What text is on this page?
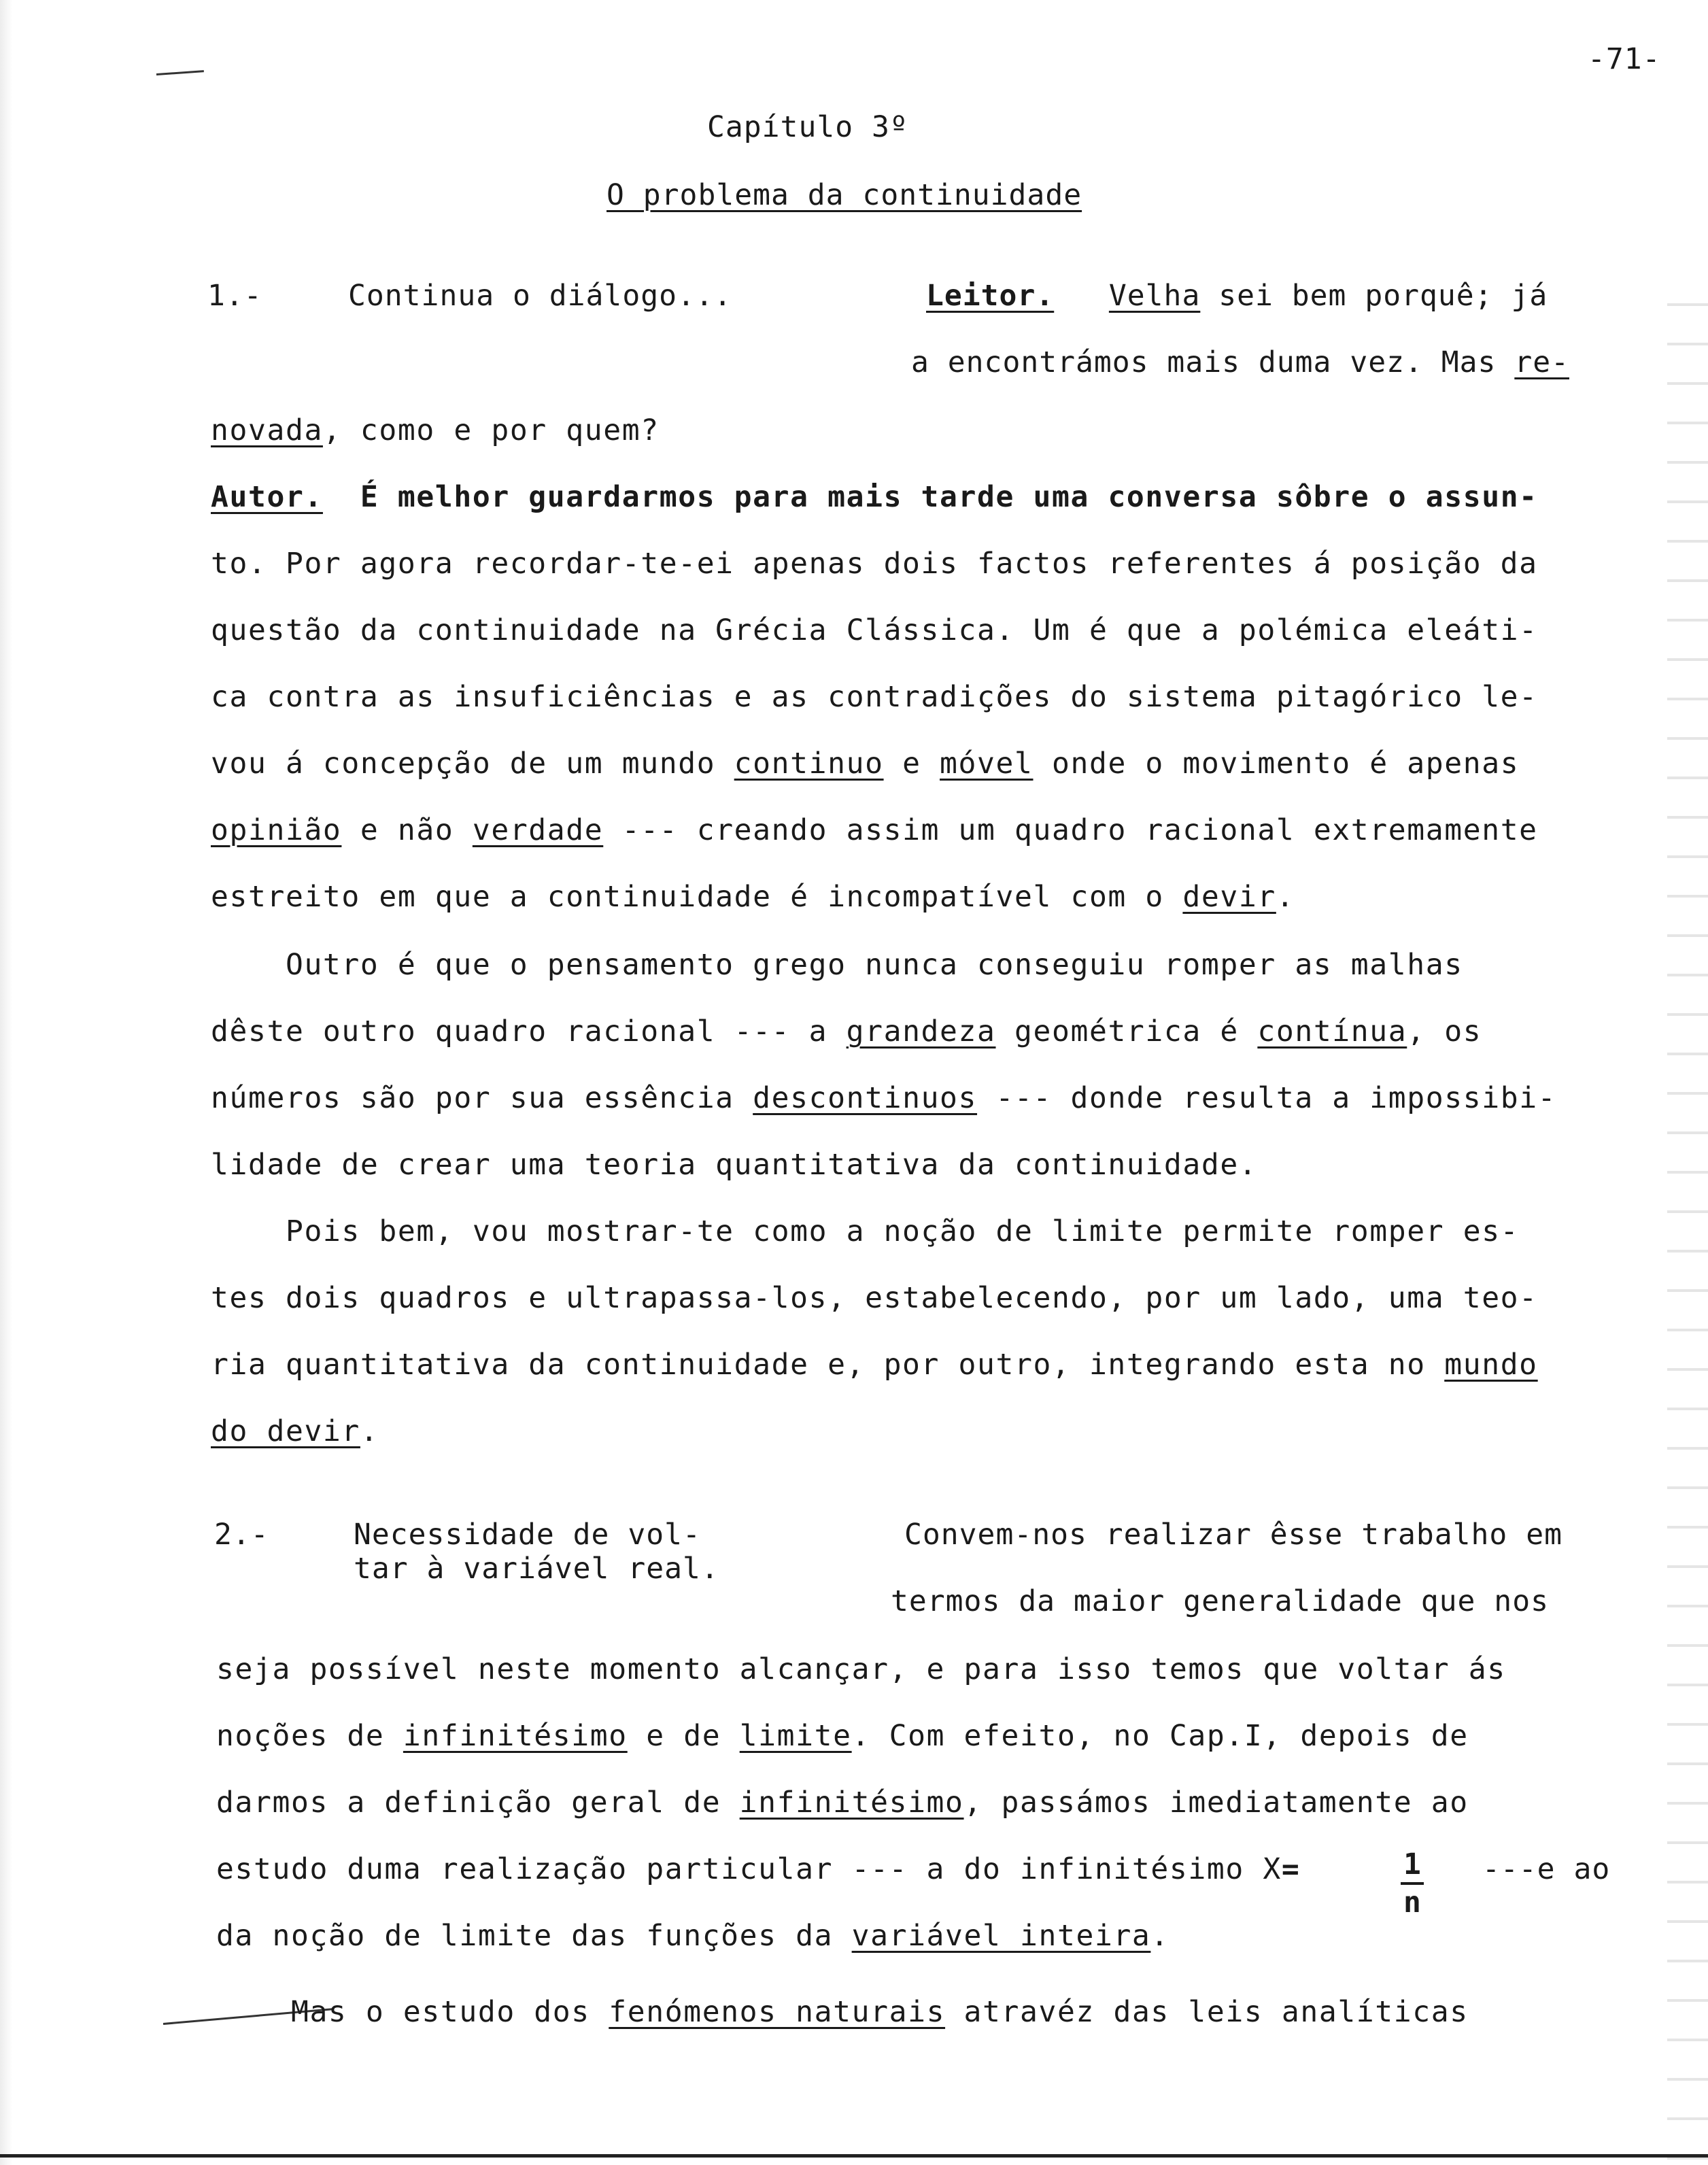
-71-
Capítulo 3º
O problema da continuidade
1.-	Continua o diálogo...	Leitor. Velha sei bem porquê; já
a encontrámos mais duma vez. Mas re-
novada, como e por quem?
Autor.  É melhor guardarmos para mais tarde uma conversa sôbre o assun-
to. Por agora recordar-te-ei apenas dois factos referentes á posição da
questão da continuidade na Grécia Clássica. Um é que a polémica eleáti-
ca contra as insuficiências e as contradições do sistema pitagórico le-
vou á concepção de um mundo continuo e móvel onde o movimento é apenas
opinião e não verdade --- creando assim um quadro racional extremamente
estreito em que a continuidade é incompatível com o devir.
Outro é que o pensamento grego nunca conseguiu romper as malhas
dêste outro quadro racional --- a grandeza geométrica é contínua, os
números são por sua essência descontinuos --- donde resulta a impossibi-
lidade de crear uma teoria quantitativa da continuidade.
Pois bem, vou mostrar-te como a noção de limite permite romper es-
tes dois quadros e ultrapassa-los, estabelecendo, por um lado, uma teo-
ria quantitativa da continuidade e, por outro, integrando esta no mundo
do devir.
2.-	Necessidade de vol-
tar à variável real.
Convem-nos realizar êsse trabalho em
termos da maior generalidade que nos
seja possível neste momento alcançar, e para isso temos que voltar ás
noções de infinitésimo e de limite. Com efeito, no Cap.I, depois de
darmos a definição geral de infinitésimo, passámos imediatamente ao
estudo duma realização particular --- a do infinitésimo X=	$\frac{1}{n} ---e$ ao
da noção de limite das funções da variável inteira.
Mas o estudo dos fenómenos naturais atravéz das leis analíticas
